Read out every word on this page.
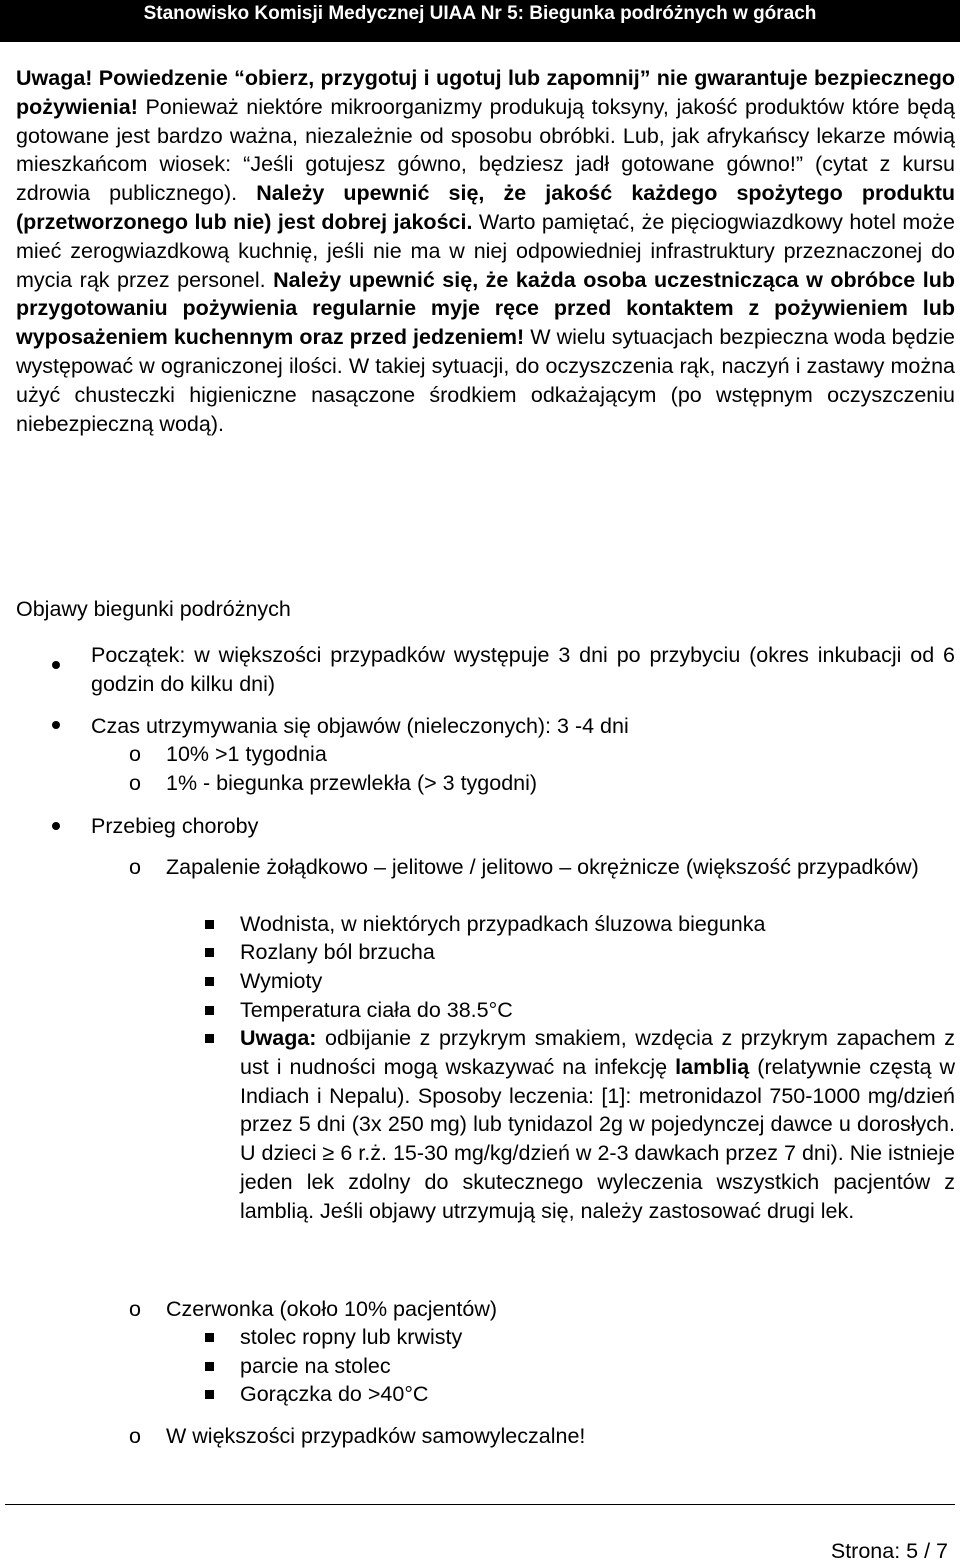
Stanowisko Komisji Medycznej UIAA Nr 5: Biegunka podróżnych w górach

Uwaga! Powiedzenie “obierz, przygotuj i ugotuj lub zapomnij” nie gwarantuje bezpiecznego pożywienia! Ponieważ niektóre mikroorganizmy produkują toksyny, jakość produktów które będą gotowane jest bardzo ważna, niezależnie od sposobu obróbki. Lub, jak afrykańscy lekarze mówią mieszkańcom wiosek: “Jeśli gotujesz gówno, będziesz jadł gotowane gówno!” (cytat z kursu zdrowia publicznego). Należy upewnić się, że jakość każdego spożytego produktu (przetworzonego lub nie) jest dobrej jakości. Warto pamiętać, że pięciogwiazdkowy hotel może mieć zerogwiazdkową kuchnię, jeśli nie ma w niej odpowiedniej infrastruktury przeznaczonej do mycia rąk przez personel. Należy upewnić się, że każda osoba uczestnicząca w obróbce lub przygotowaniu pożywienia regularnie myje ręce przed kontaktem z pożywieniem lub wyposażeniem kuchennym oraz przed jedzeniem! W wielu sytuacjach bezpieczna woda będzie występować w ograniczonej ilości. W takiej sytuacji, do oczyszczenia rąk, naczyń i zastawy można użyć chusteczki higieniczne nasączone środkiem odkażającym (po wstępnym oczyszczeniu niebezpieczną wodą).

Objawy biegunki podróżnych

Początek: w większości przypadków występuje 3 dni po przybyciu (okres inkubacji od 6 godzin do kilku dni)

Czas utrzymywania się objawów (nieleczonych): 3 -4 dni

o 10% >1 tygodnia

o 1% - biegunka przewlekła (> 3 tygodni)

Przebieg choroby

o Zapalenie żołądkowo – jelitowe / jelitowo – okrężnicze (większość przypadków)

Wodnista, w niektórych przypadkach śluzowa biegunka

Rozlany ból brzucha

Wymioty

Temperatura ciała do 38.5°C

Uwaga: odbijanie z przykrym smakiem, wzdęcia z przykrym zapachem z ust i nudności mogą wskazywać na infekcję lamblią (relatywnie częstą w Indiach i Nepalu). Sposoby leczenia: [1]: metronidazol 750-1000 mg/dzień przez 5 dni (3x 250 mg) lub tynidazol 2g w pojedynczej dawce u dorosłych. U dzieci ≥ 6 r.ż. 15-30 mg/kg/dzień w 2-3 dawkach przez 7 dni). Nie istnieje jeden lek zdolny do skutecznego wyleczenia wszystkich pacjentów z lamblią. Jeśli objawy utrzymują się, należy zastosować drugi lek.

o Czerwonka (około 10% pacjentów)

stolec ropny lub krwisty

parcie na stolec

Gorączka do >40°C

o W większości przypadków samowyleczalne!

Strona: 5 / 7
